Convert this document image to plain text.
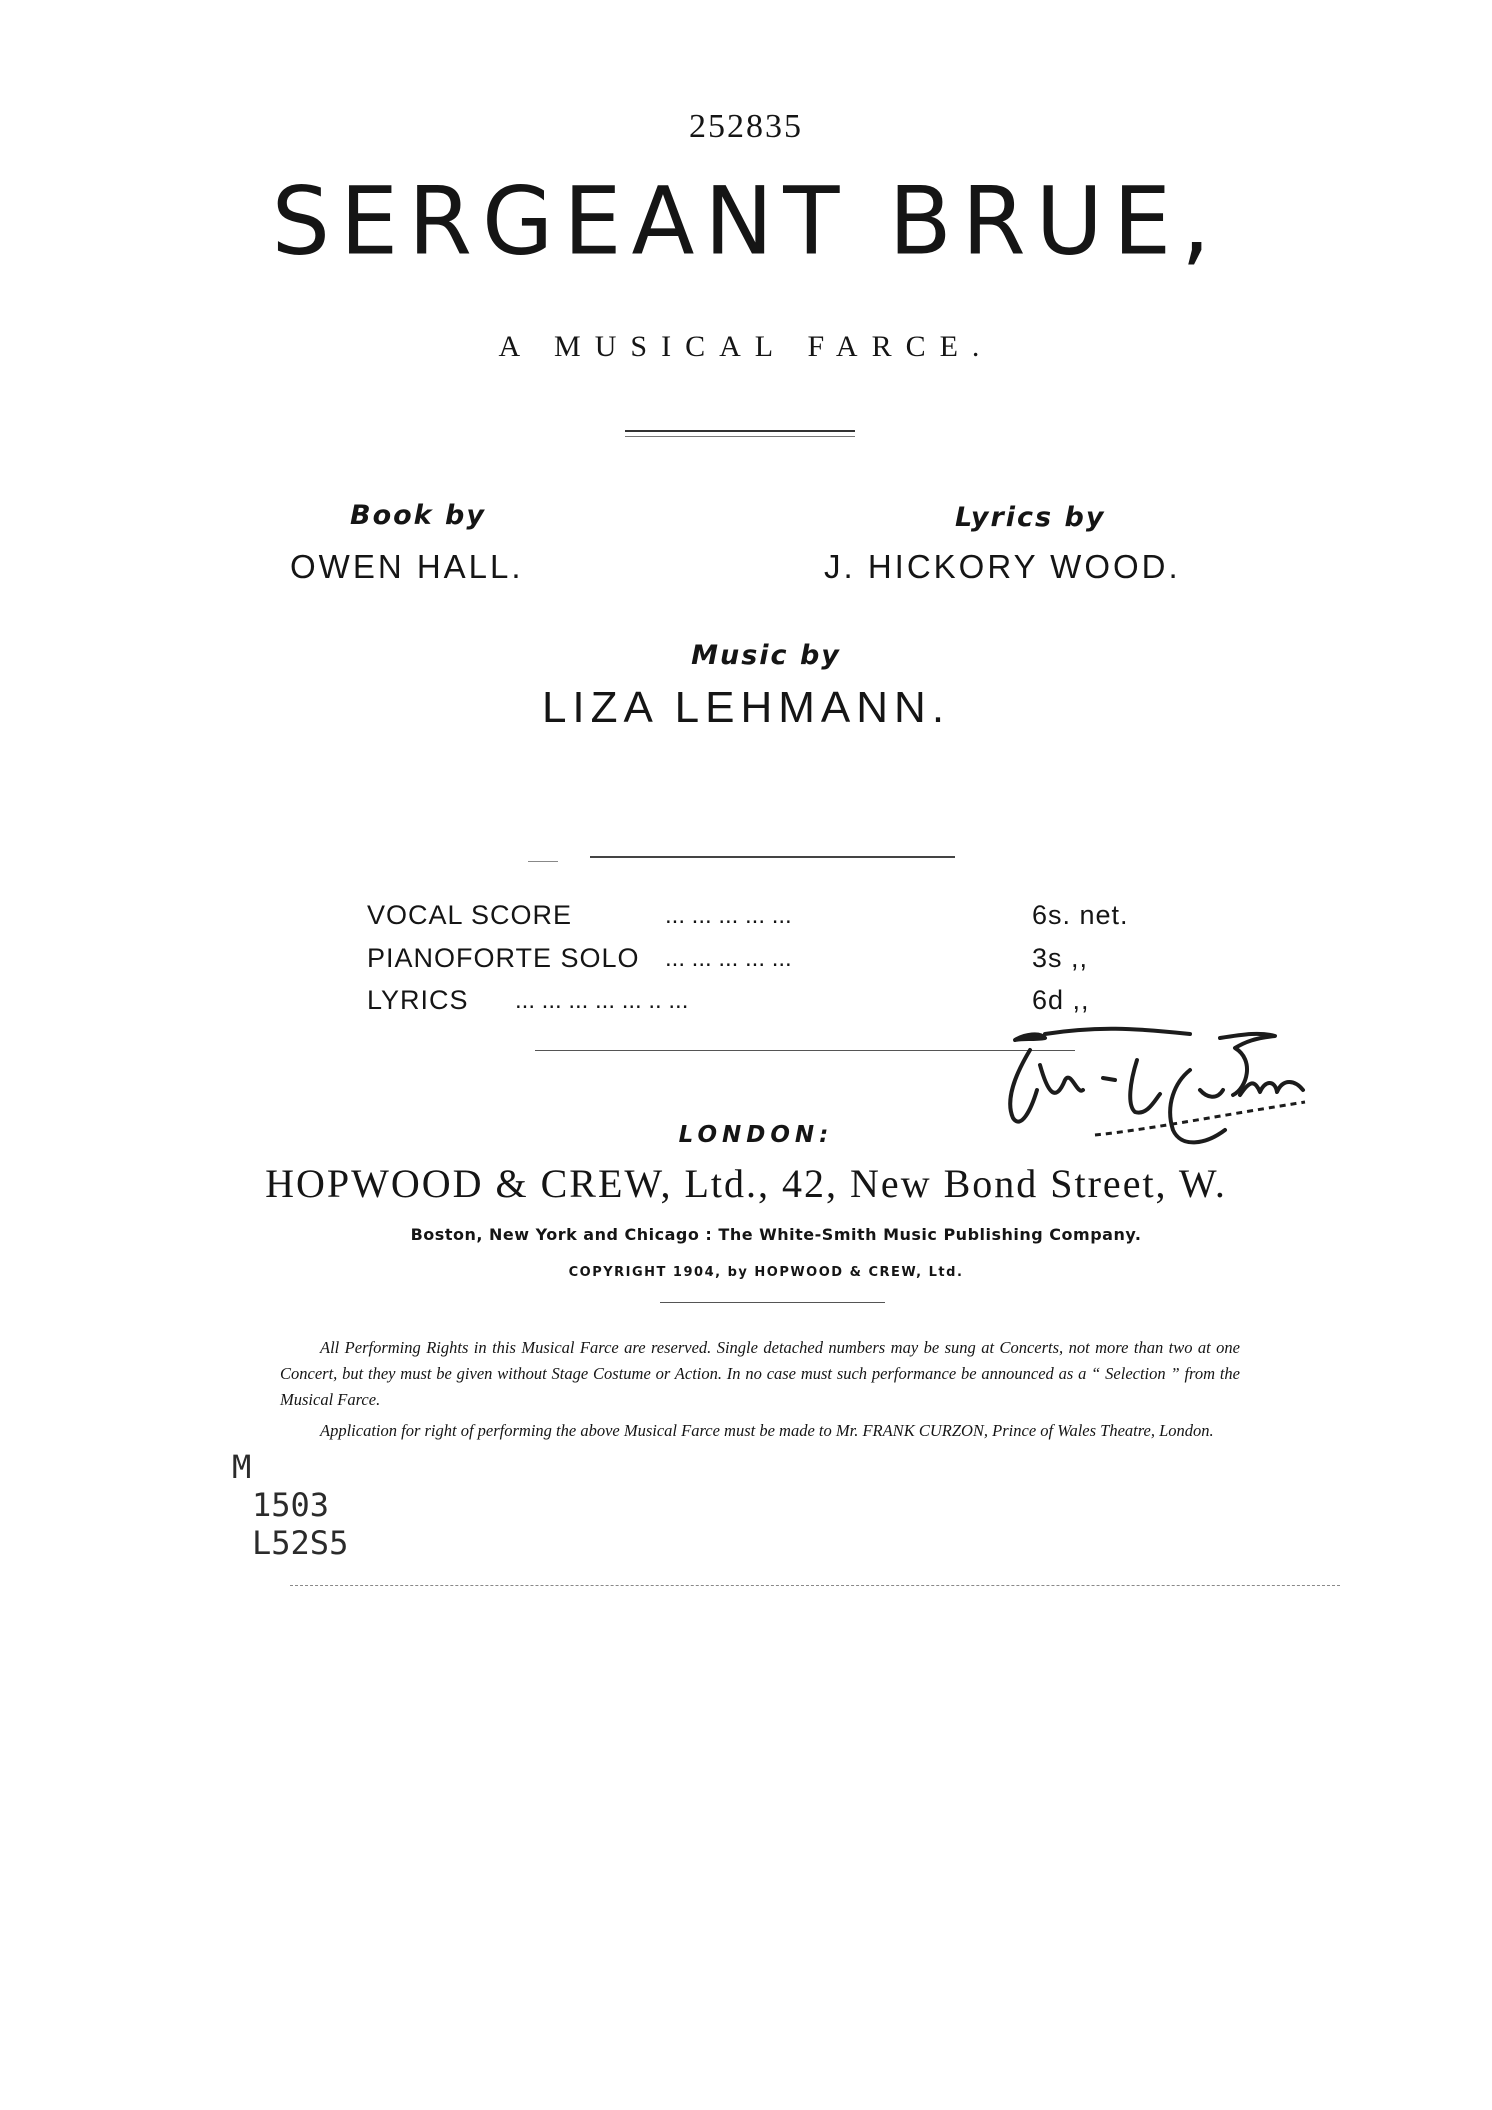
252835
SERGEANT BRUE,
A MUSICAL FARCE.
Book by
OWEN HALL.
Lyrics by
J. HICKORY WOOD.
Music by
LIZA LEHMANN.
VOCAL SCORE	... ... ... ... ...	6s. net.
PIANOFORTE SOLO ... ... ... ... ...	3s ,,
LYRICS ... ... ... ... ... .. ...	6d ,,
LONDON:
HOPWOOD & CREW, Ltd., 42, New Bond Street, W.
Boston, New York and Chicago : The White-Smith Music Publishing Company.
COPYRIGHT 1904, by HOPWOOD & CREW, Ltd.
All Performing Rights in this Musical Farce are reserved. Single detached numbers may be sung at Concerts, not more than two at one Concert, but they must be given without Stage Costume or Action. In no case must such performance be announced as a “ Selection ” from the Musical Farce.
Application for right of performing the above Musical Farce must be made to Mr. FRANK CURZON, Prince of Wales Theatre, London.
M
1503
L52S5
